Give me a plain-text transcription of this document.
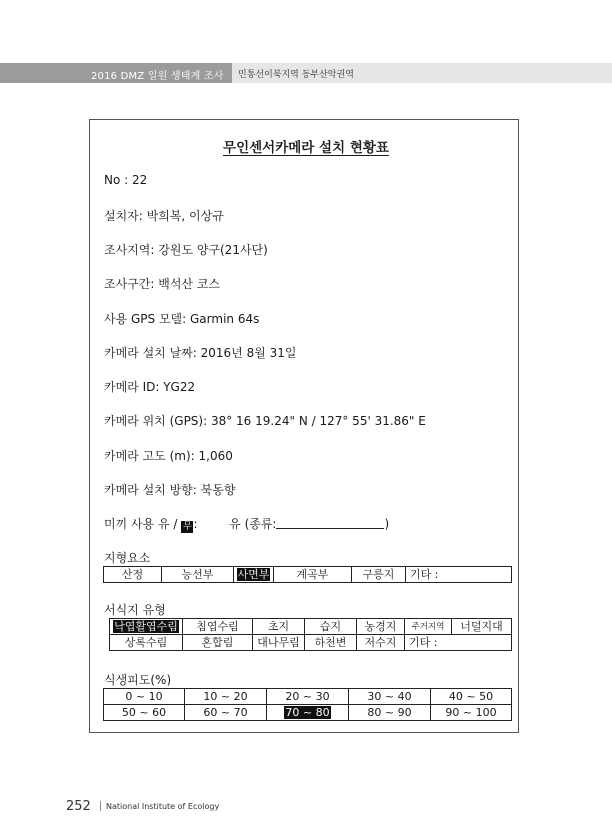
2016 DMZ 일원 생태계 조사 민통선이북지역 동부산악권역
무인센서카메라 설치 현황표
No : 22
설치자: 박희복, 이상규
조사지역: 강원도 양구(21사단)
조사구간: 백석산 코스
사용 GPS 모델: Garmin 64s
카메라 설치 날짜: 2016년 8월 31일
카메라 ID: YG22
카메라 위치 (GPS): 38° 16 19.24" N / 127° 55' 31.86" E
카메라 고도 (m): 1,060
카메라 설치 방향: 북동향
미끼 사용 유 / 무 :	유 (종류:	)
지형요소
산정	능선부	사면부	계곡부	구릉지	기타 :
서식지 유형
낙엽활엽수림	침엽수림	초지	습지	농경지	주거지역	너덜지대
상록수림	혼합림	대나무림	하천변	저수지	기타 :	
식생피도(%)
0 ~ 10	10 ~ 20	20 ~ 30	30 ~ 40	40 ~ 50
50 ~ 60	60 ~ 70	70 ~ 80	80 ~ 90	90 ~ 100
252 National Institute of Ecology
